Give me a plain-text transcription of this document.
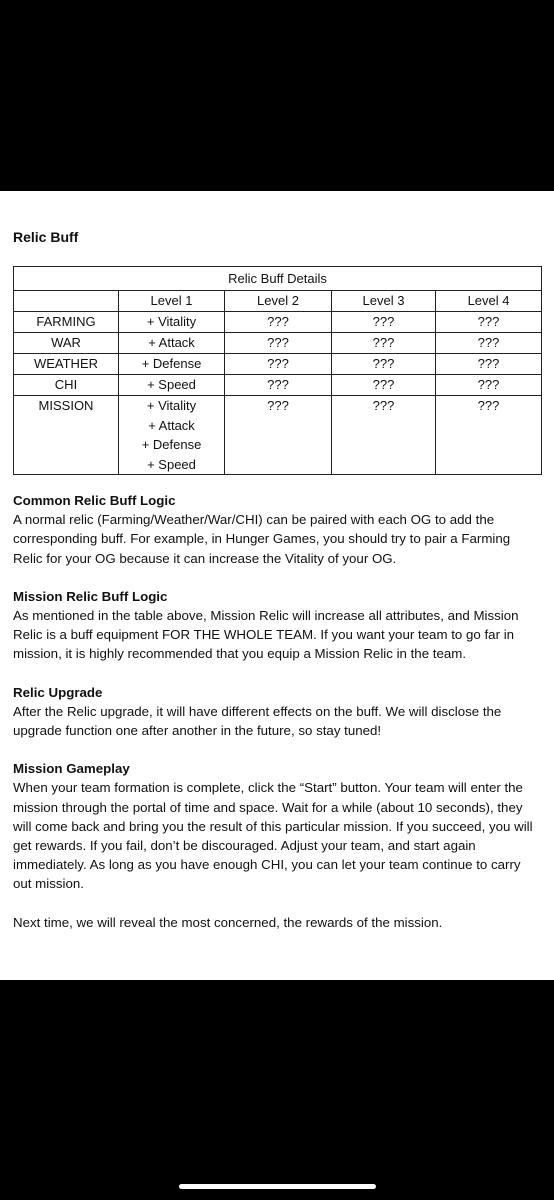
Relic Buff
Relic Buff Details				
	Level 1	Level 2	Level 3	Level 4
FARMING	+ Vitality	???	???	???
WAR	+ Attack	???	???	???
WEATHER	+ Defense	???	???	???
CHI	+ Speed	???	???	???
MISSION	+ Vitality
+ Attack
+ Defense
+ Speed	???	???	???
Common Relic Buff Logic

A normal relic (Farming/Weather/War/CHI) can be paired with each OG to add the corresponding buff. For example, in Hunger Games, you should try to pair a Farming Relic for your OG because it can increase the Vitality of your OG.

Mission Relic Buff Logic

As mentioned in the table above, Mission Relic will increase all attributes, and Mission Relic is a buff equipment FOR THE WHOLE TEAM. If you want your team to go far in mission, it is highly recommended that you equip a Mission Relic in the team.

Relic Upgrade

After the Relic upgrade, it will have different effects on the buff. We will disclose the upgrade function one after another in the future, so stay tuned!

Mission Gameplay

When your team formation is complete, click the “Start” button. Your team will enter the mission through the portal of time and space. Wait for a while (about 10 seconds), they will come back and bring you the result of this particular mission. If you succeed, you will get rewards. If you fail, don’t be discouraged. Adjust your team, and start again immediately. As long as you have enough CHI, you can let your team continue to carry out mission.

Next time, we will reveal the most concerned, the rewards of the mission.
